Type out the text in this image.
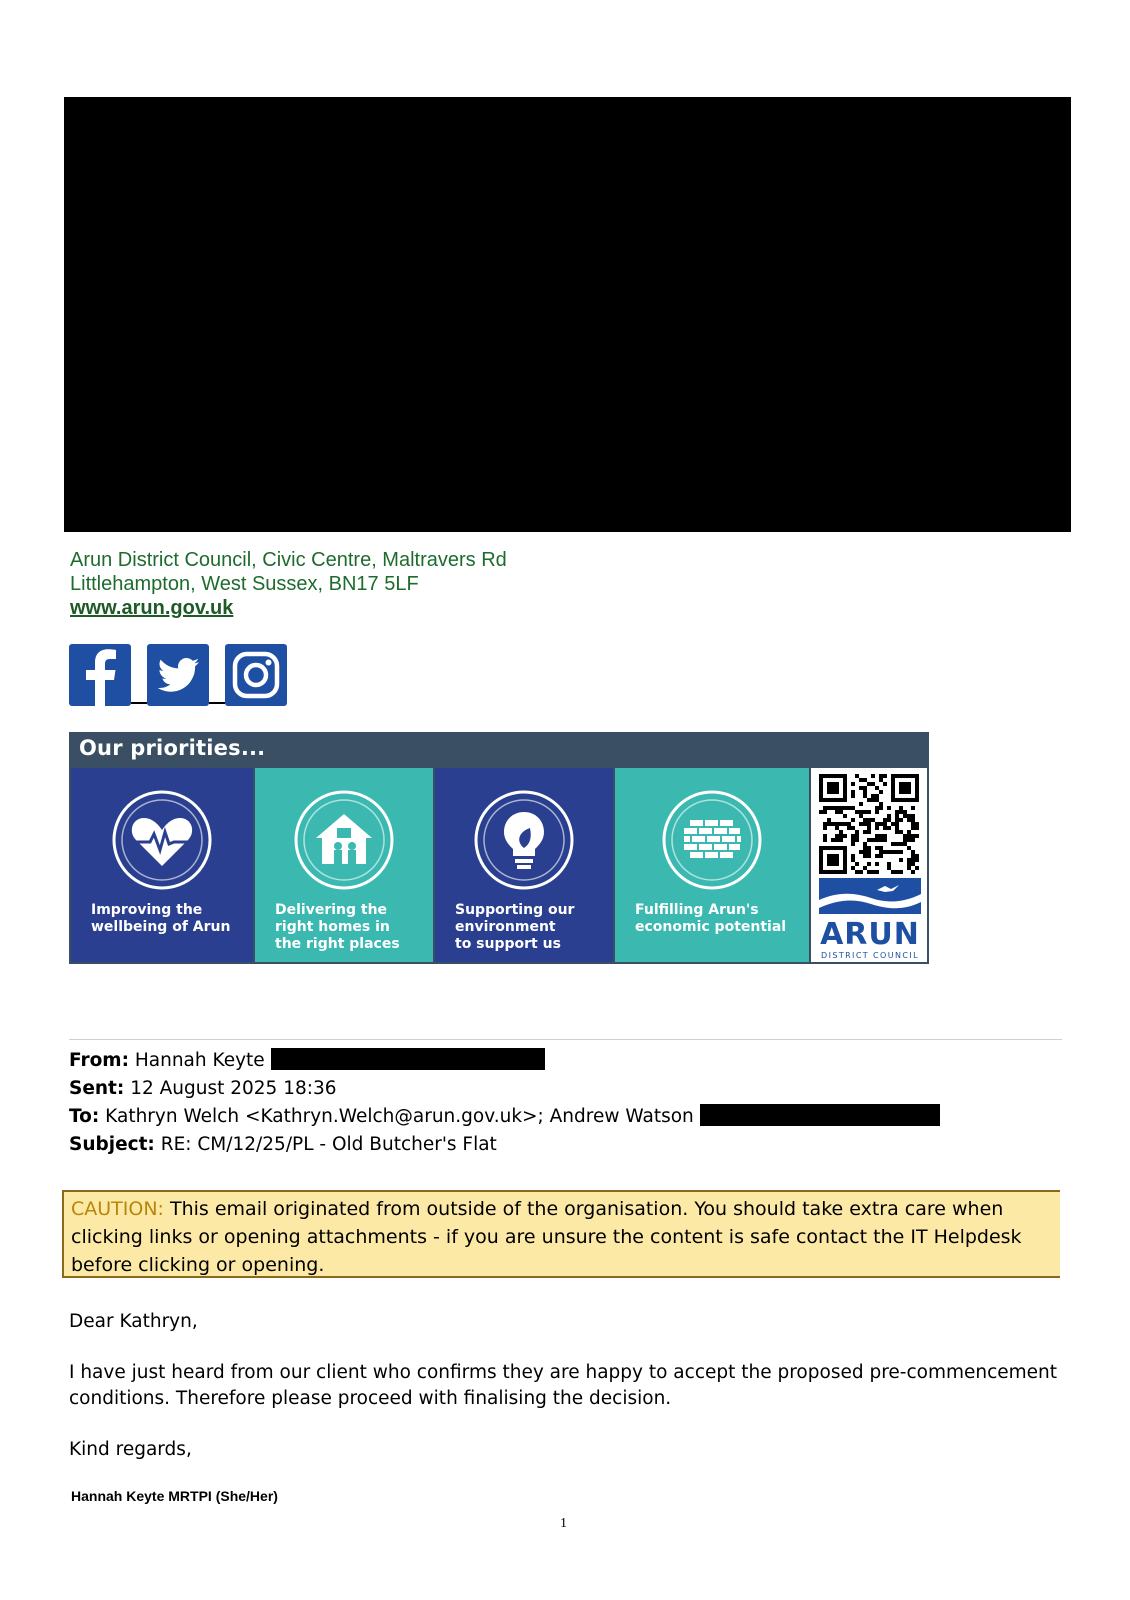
Arun District Council, Civic Centre, Maltravers Rd
Littlehampton, West Sussex, BN17 5LF
www.arun.gov.uk
Our priorities...
Improving the
wellbeing of Arun
Delivering the
right homes in
the right places
Supporting our
environment
to support us
Fulfilling Arun's
economic potential ARUN
DISTRICT COUNCIL
From: Hannah Keyte
Sent: 12 August 2025 18:36
To: Kathryn Welch <Kathryn.Welch@arun.gov.uk>; Andrew Watson
Subject: RE: CM/12/25/PL - Old Butcher's Flat
CAUTION: This email originated from outside of the organisation. You should take extra care when clicking links or opening attachments - if you are unsure the content is safe contact the IT Helpdesk before clicking or opening.
Dear Kathryn,
I have just heard from our client who confirms they are happy to accept the proposed pre-commencement
conditions. Therefore please proceed with finalising the decision.
Kind regards,
Hannah Keyte MRTPI (She/Her)
1
